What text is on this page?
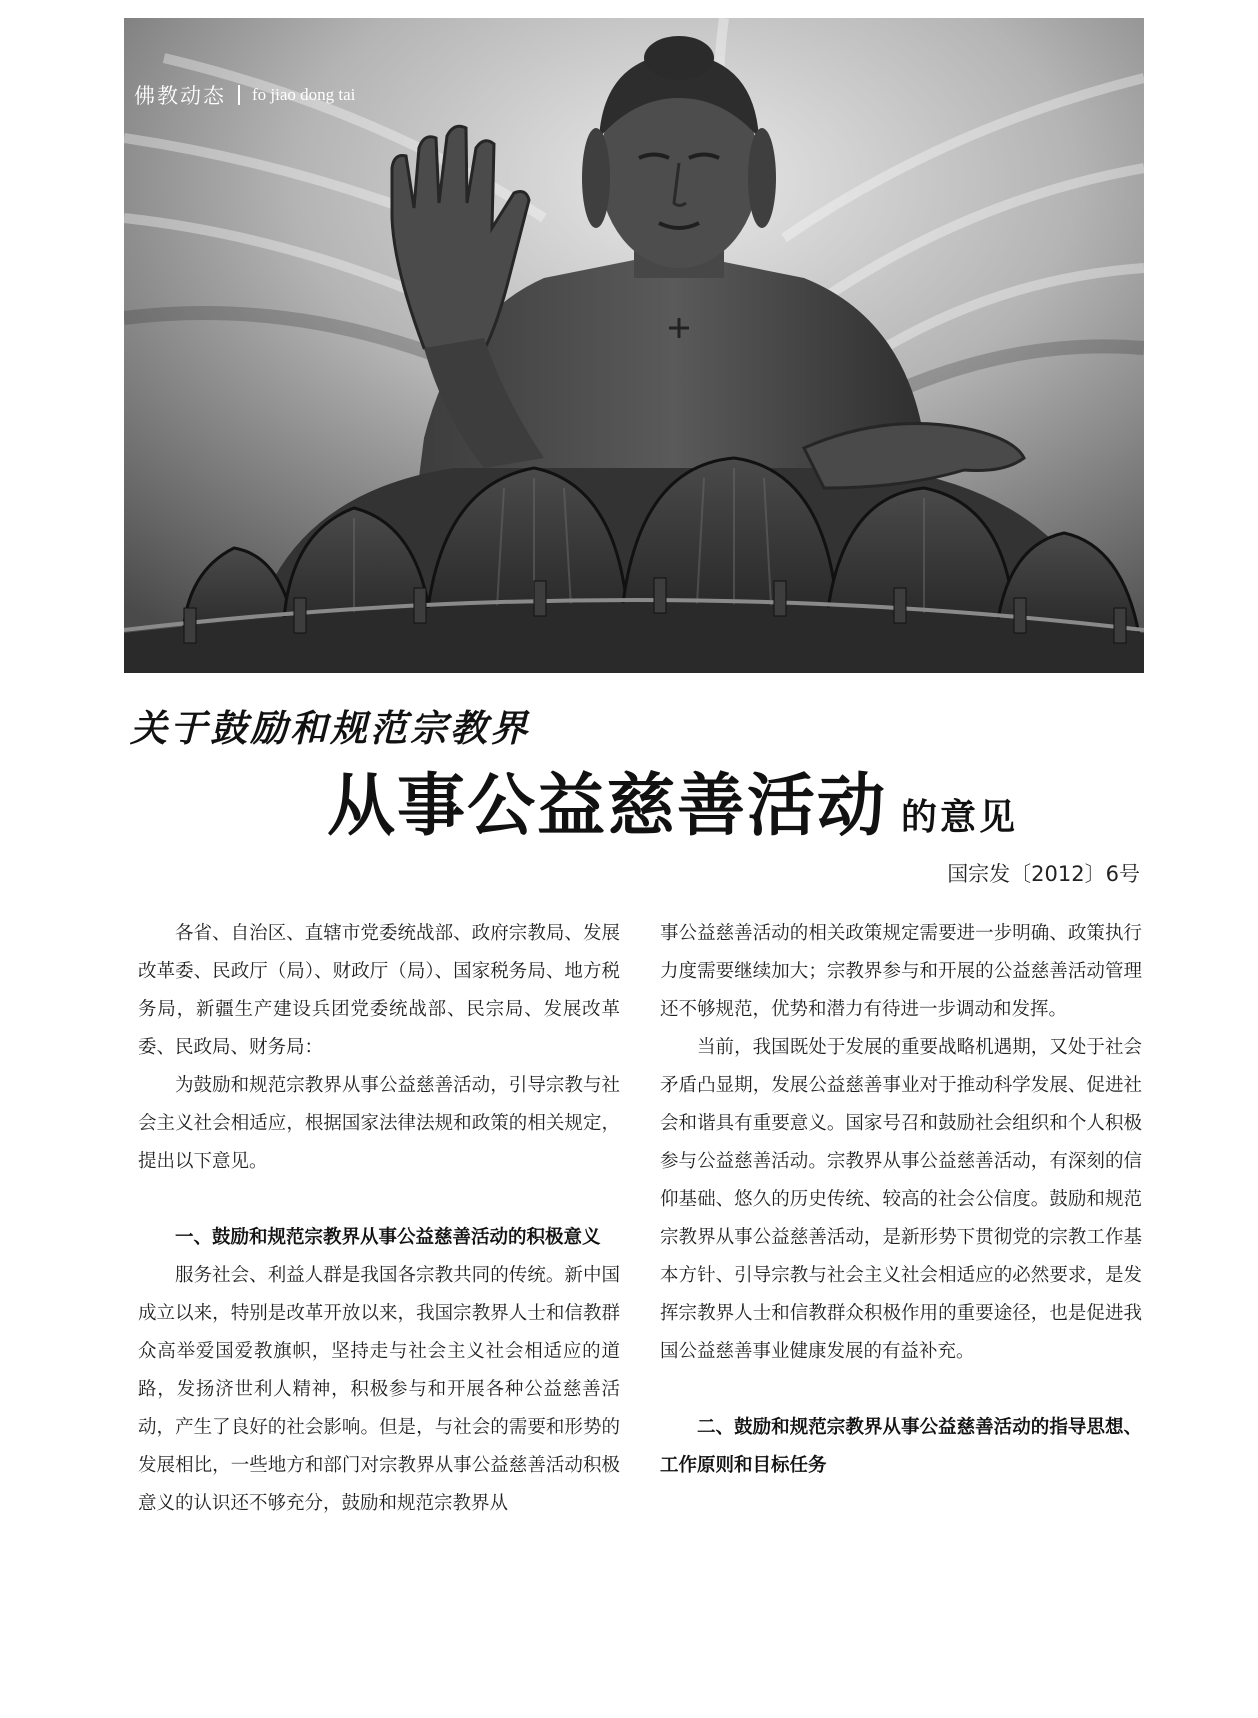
佛教动态 fo jiao dong tai
关于鼓励和规范宗教界
从事公益慈善活动 的意见
国宗发〔2012〕6号

各省、自治区、直辖市党委统战部、政府宗教局、发展改革委、民政厅（局）、财政厅（局）、国家税务局、地方税务局，新疆生产建设兵团党委统战部、民宗局、发展改革委、民政局、财务局：

为鼓励和规范宗教界从事公益慈善活动，引导宗教与社会主义社会相适应，根据国家法律法规和政策的相关规定，提出以下意见。

一、鼓励和规范宗教界从事公益慈善活动的积极意义

服务社会、利益人群是我国各宗教共同的传统。新中国成立以来，特别是改革开放以来，我国宗教界人士和信教群众高举爱国爱教旗帜，坚持走与社会主义社会相适应的道路，发扬济世利人精神，积极参与和开展各种公益慈善活动，产生了良好的社会影响。但是，与社会的需要和形势的发展相比，一些地方和部门对宗教界从事公益慈善活动积极意义的认识还不够充分，鼓励和规范宗教界从

事公益慈善活动的相关政策规定需要进一步明确、政策执行力度需要继续加大；宗教界参与和开展的公益慈善活动管理还不够规范，优势和潜力有待进一步调动和发挥。

当前，我国既处于发展的重要战略机遇期，又处于社会矛盾凸显期，发展公益慈善事业对于推动科学发展、促进社会和谐具有重要意义。国家号召和鼓励社会组织和个人积极参与公益慈善活动。宗教界从事公益慈善活动，有深刻的信仰基础、悠久的历史传统、较高的社会公信度。鼓励和规范宗教界从事公益慈善活动，是新形势下贯彻党的宗教工作基本方针、引导宗教与社会主义社会相适应的必然要求，是发挥宗教界人士和信教群众积极作用的重要途径，也是促进我国公益慈善事业健康发展的有益补充。

二、鼓励和规范宗教界从事公益慈善活动的指导思想、工作原则和目标任务
